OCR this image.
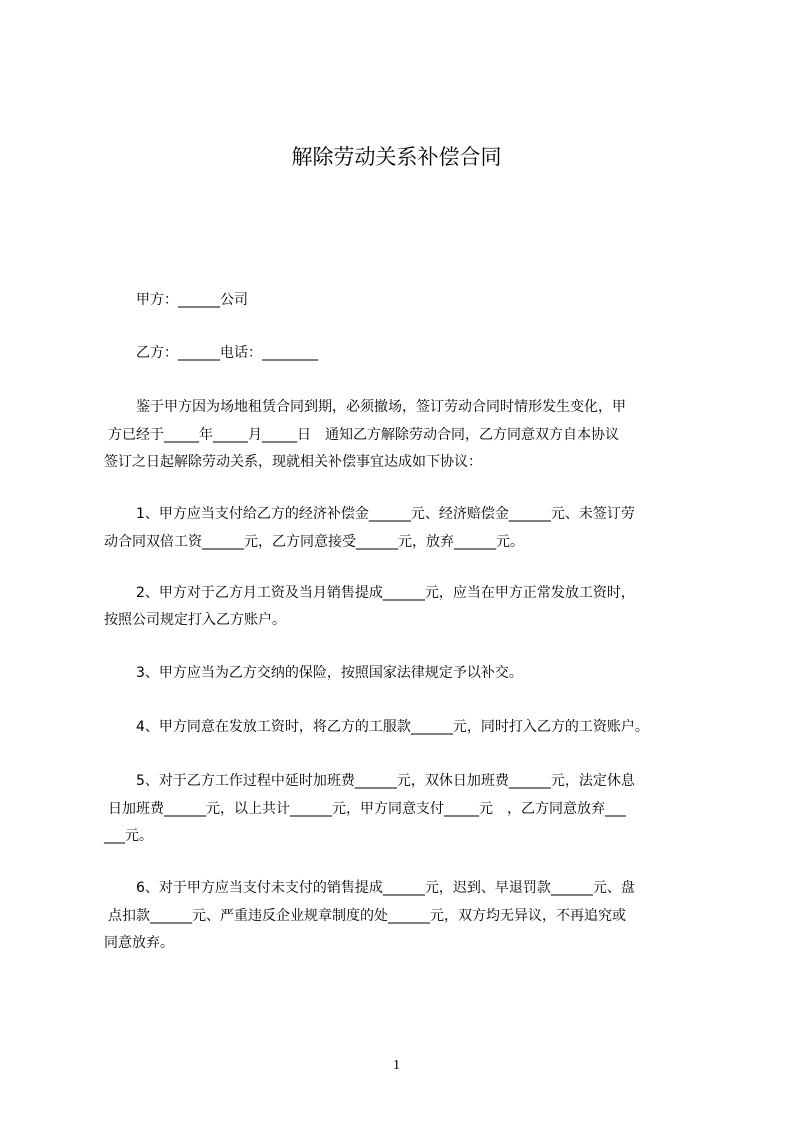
解除劳动关系补偿合同
甲方：______公司
乙方：______电话：________
鉴于甲方因为场地租赁合同到期，必须撤场，签订劳动合同时情形发生变化，甲
方已经于_____年_____月_____日　通知乙方解除劳动合同，乙方同意双方自本协议
签订之日起解除劳动关系，现就相关补偿事宜达成如下协议：
1、甲方应当支付给乙方的经济补偿金______元、经济赔偿金______元、未签订劳
动合同双倍工资______元，乙方同意接受______元，放弃______元。
2、甲方对于乙方月工资及当月销售提成______元，应当在甲方正常发放工资时，
按照公司规定打入乙方账户。
3、甲方应当为乙方交纳的保险，按照国家法律规定予以补交。
4、甲方同意在发放工资时，将乙方的工服款______元，同时打入乙方的工资账户。
5、对于乙方工作过程中延时加班费______元，双休日加班费______元，法定休息
日加班费______元，以上共计______元，甲方同意支付_____元　，乙方同意放弃___
___元。
6、对于甲方应当支付未支付的销售提成______元，迟到、早退罚款______元、盘
点扣款______元、严重违反企业规章制度的处______元，双方均无异议，不再追究或
同意放弃。
1
